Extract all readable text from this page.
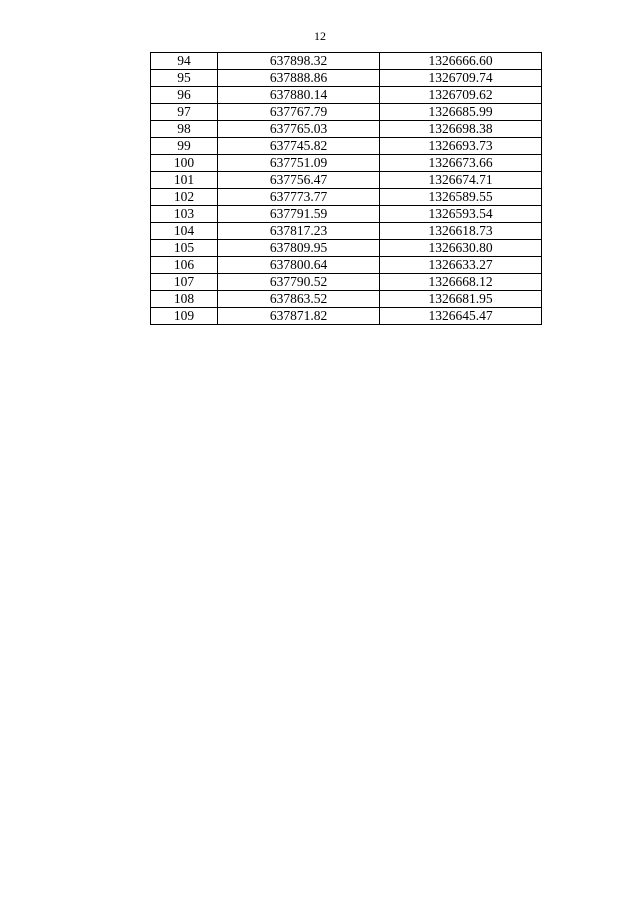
12
94	637898.32	1326666.60
95	637888.86	1326709.74
96	637880.14	1326709.62
97	637767.79	1326685.99
98	637765.03	1326698.38
99	637745.82	1326693.73
100	637751.09	1326673.66
101	637756.47	1326674.71
102	637773.77	1326589.55
103	637791.59	1326593.54
104	637817.23	1326618.73
105	637809.95	1326630.80
106	637800.64	1326633.27
107	637790.52	1326668.12
108	637863.52	1326681.95
109	637871.82	1326645.47
